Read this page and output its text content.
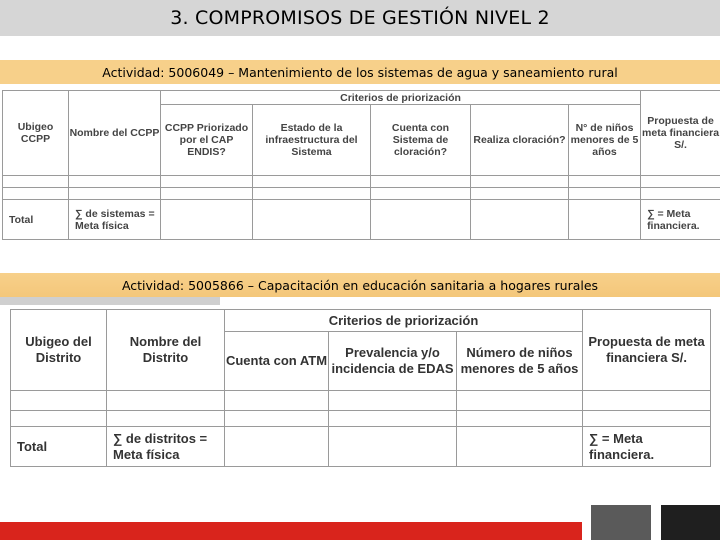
3. COMPROMISOS DE GESTIÓN NIVEL 2
Actividad: 5006049 – Mantenimiento de los sistemas de agua y saneamiento rural
Ubigeo CCPP	Nombre del CCPP	Criterios de priorización					Propuesta de meta financiera S/.
		CCPP Priorizado por el CAP ENDIS?	Estado de la infraestructura del Sistema	Cuenta con Sistema de cloración?	Realiza cloración?	N° de niños menores de 5 años	

Total	∑ de sistemas = Meta física						∑ = Meta financiera.
Actividad: 5005866 – Capacitación en educación sanitaria a hogares rurales
Ubigeo del Distrito	Nombre del Distrito	Criterios de priorización			Propuesta de meta financiera S/.
		Cuenta con ATM	Prevalencia y/o incidencia de EDAS	Número de niños menores de 5 años	

Total	∑ de distritos = Meta física				∑ = Meta financiera.
